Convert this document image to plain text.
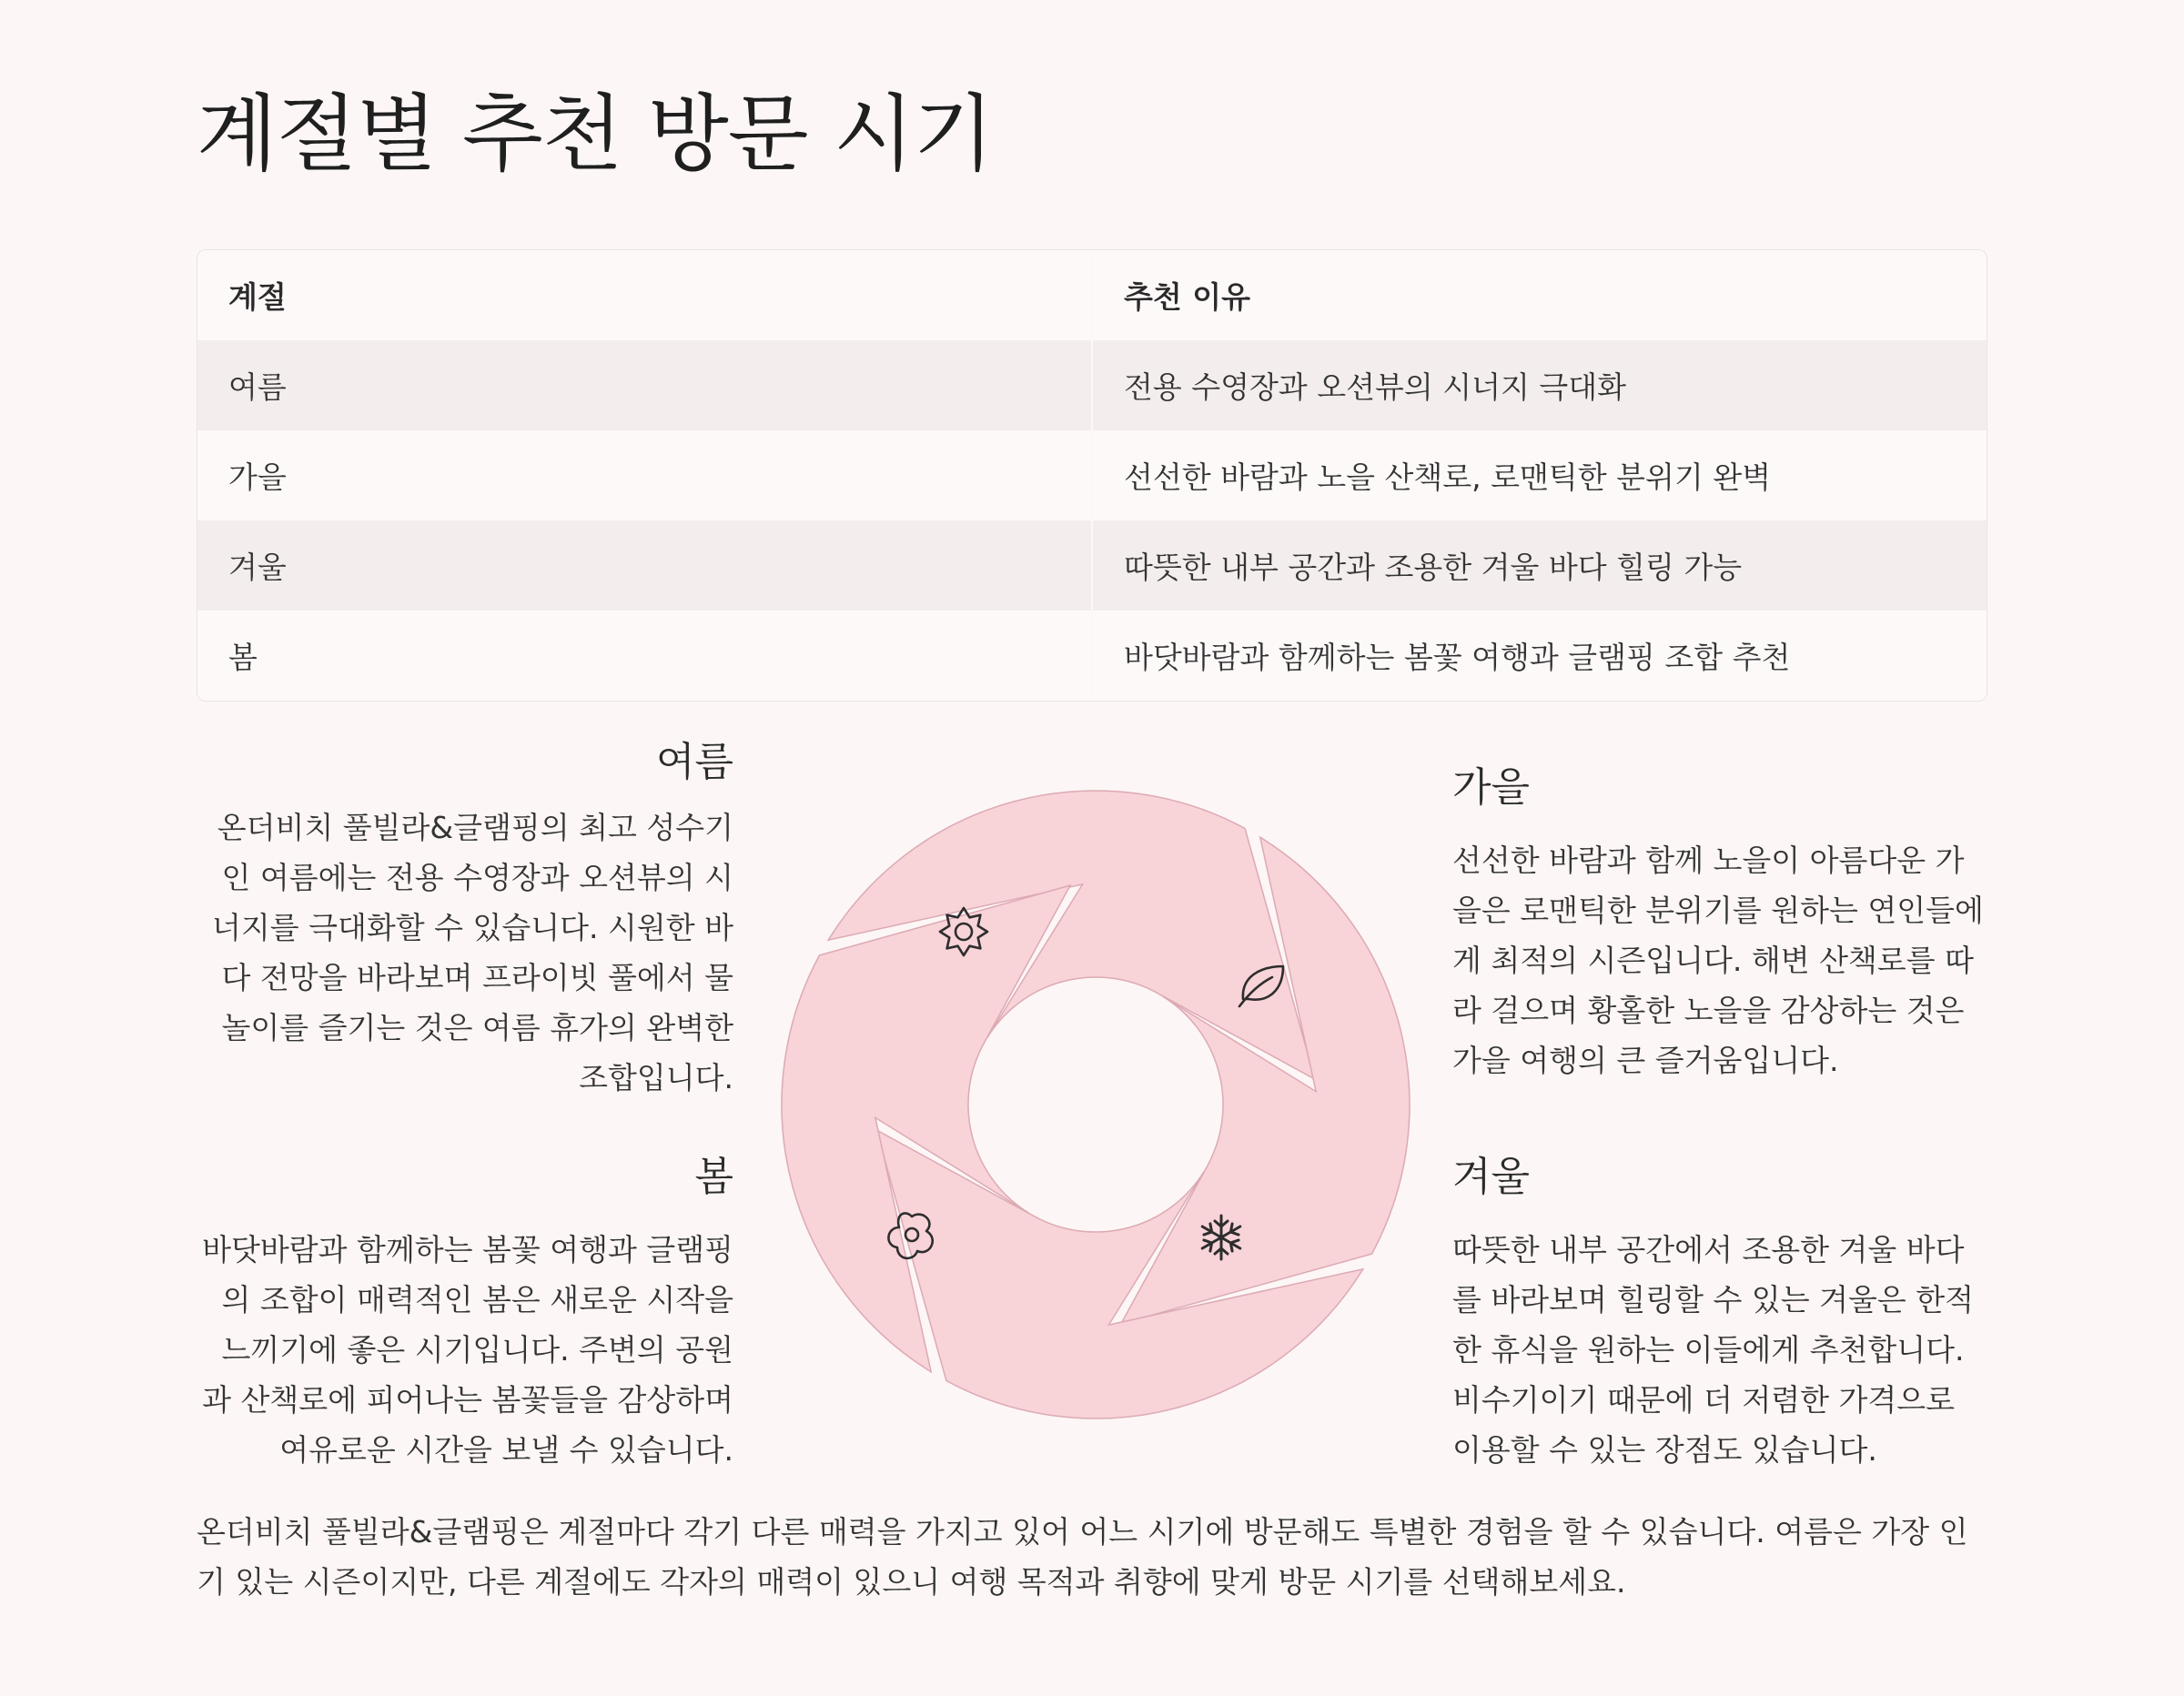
계절별 추천 방문 시기
계절	추천 이유
여름	전용 수영장과 오션뷰의 시너지 극대화
가을	선선한 바람과 노을 산책로, 로맨틱한 분위기 완벽
겨울	따뜻한 내부 공간과 조용한 겨울 바다 힐링 가능
봄	바닷바람과 함께하는 봄꽃 여행과 글램핑 조합 추천
여름

온더비치 풀빌라&글램핑의 최고 성수기인 여름에는 전용 수영장과 오션뷰의 시너지를 극대화할 수 있습니다. 시원한 바다 전망을 바라보며 프라이빗 풀에서 물놀이를 즐기는 것은 여름 휴가의 완벽한 조합입니다.

봄

바닷바람과 함께하는 봄꽃 여행과 글램핑의 조합이 매력적인 봄은 새로운 시작을 느끼기에 좋은 시기입니다. 주변의 공원과 산책로에 피어나는 봄꽃들을 감상하며 여유로운 시간을 보낼 수 있습니다.

가을

선선한 바람과 함께 노을이 아름다운 가을은 로맨틱한 분위기를 원하는 연인들에게 최적의 시즌입니다. 해변 산책로를 따라 걸으며 황홀한 노을을 감상하는 것은 가을 여행의 큰 즐거움입니다.

겨울

따뜻한 내부 공간에서 조용한 겨울 바다를 바라보며 힐링할 수 있는 겨울은 한적한 휴식을 원하는 이들에게 추천합니다. 비수기이기 때문에 더 저렴한 가격으로 이용할 수 있는 장점도 있습니다.

온더비치 풀빌라&글램핑은 계절마다 각기 다른 매력을 가지고 있어 어느 시기에 방문해도 특별한 경험을 할 수 있습니다. 여름은 가장 인기 있는 시즌이지만, 다른 계절에도 각자의 매력이 있으니 여행 목적과 취향에 맞게 방문 시기를 선택해보세요.
